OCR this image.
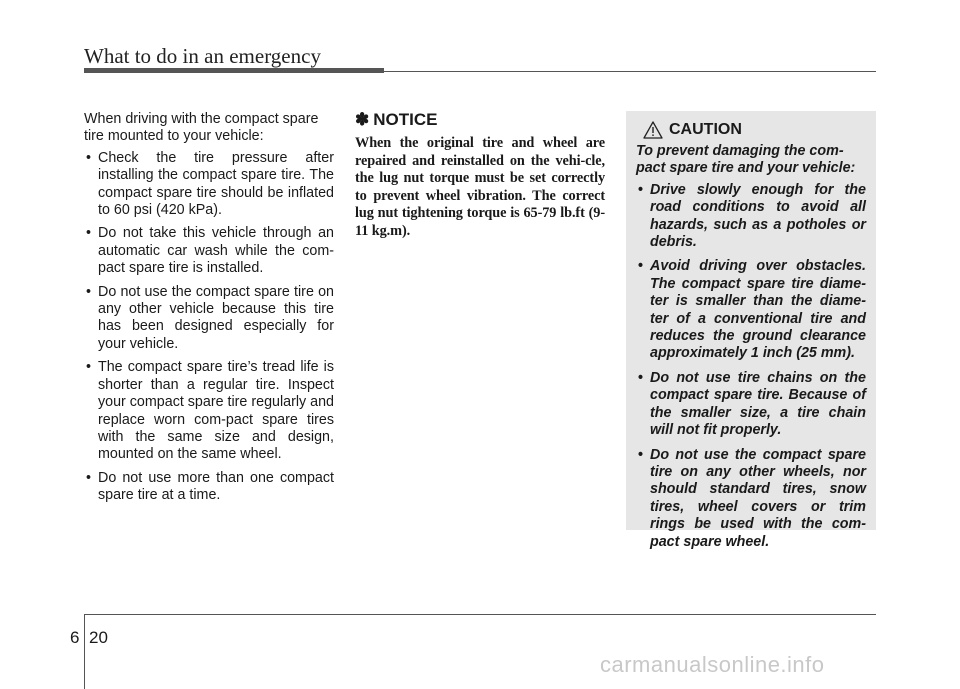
What to do in an emergency

When driving with the compact spare tire mounted to your vehicle:

• Check the tire pressure after installing the compact spare tire. The compact spare tire should be inflated to 60 psi (420 kPa).
• Do not take this vehicle through an automatic car wash while the com-pact spare tire is installed.
• Do not use the compact spare tire on any other vehicle because this tire has been designed especially for your vehicle.
• The compact spare tire’s tread life is shorter than a regular tire. Inspect your compact spare tire regularly and replace worn com-pact spare tires with the same size and design, mounted on the same wheel.
• Do not use more than one compact spare tire at a time.
✽ NOTICE

When the original tire and wheel are repaired and reinstalled on the vehi-cle, the lug nut torque must be set correctly to prevent wheel vibration. The correct lug nut tightening torque is 65-79 lb.ft (9-11 kg.m).

CAUTION

To prevent damaging the com-pact spare tire and your vehicle:

• Drive slowly enough for the road conditions to avoid all hazards, such as a potholes or debris.
• Avoid driving over obstacles. The compact spare tire diame-ter is smaller than the diame-ter of a conventional tire and reduces the ground clearance approximately 1 inch (25 mm).
• Do not use tire chains on the compact spare tire. Because of the smaller size, a tire chain will not fit properly.
• Do not use the compact spare tire on any other wheels, nor should standard tires, snow tires, wheel covers or trim rings be used with the com-pact spare wheel.
6 20
carmanualsonline.info
